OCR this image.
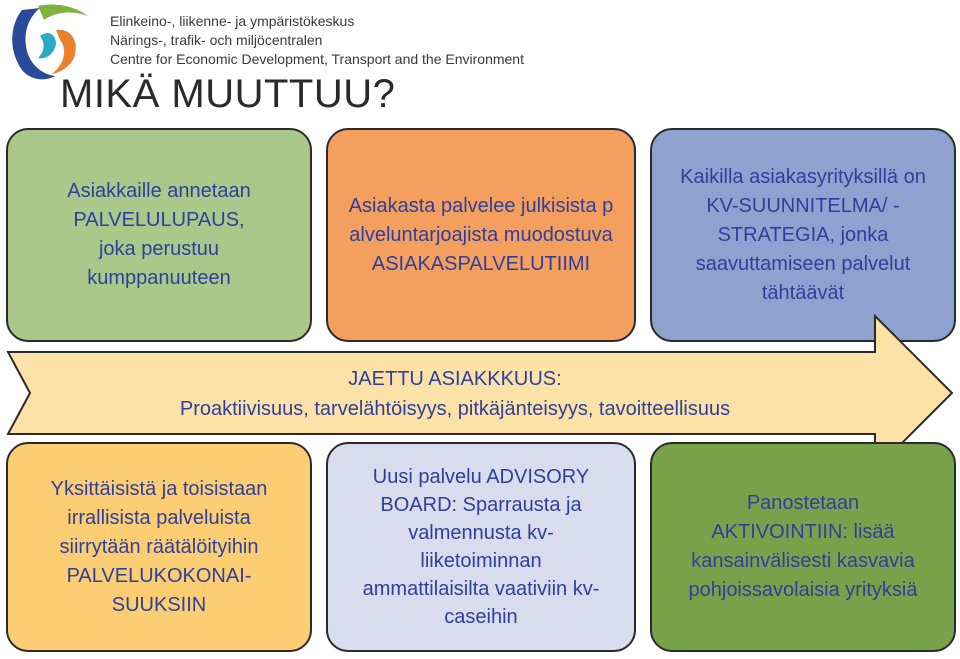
Elinkeino-, liikenne- ja ympäristökeskus
Närings-, trafik- och miljöcentralen
Centre for Economic Development, Transport and the Environment
MIKÄ MUUTTUU?
Asiakkaille annetaan PALVELULUPAUS, joka perustuu kumppanuuteen
Asiakasta palvelee julkisista palveluntarjoajista muodostuva ASIAKASPALVELUTIIMI
Kaikilla asiakasyrityksillä on KV-SUUNNITELMA/ -STRATEGIA, jonka saavuttamiseen palvelut tähtäävät
JAETTU ASIAKKKUUS:
Proaktiivisuus, tarvelähtöisyys, pitkäjänteisyys, tavoitteellisuus
Yksittäisistä ja toisistaan irrallisista palveluista siirrytään räätälöityihin PALVELUKOKONAI-SUUKSIIN
Uusi palvelu ADVISORY BOARD: Sparrausta ja valmennusta kv-liiketoiminnan ammattilaisilta vaativiin kv-caseihin
Panostetaan AKTIVOINTIIN: lisää kansainvälisesti kasvavia pohjoissavolaisia yrityksiä
